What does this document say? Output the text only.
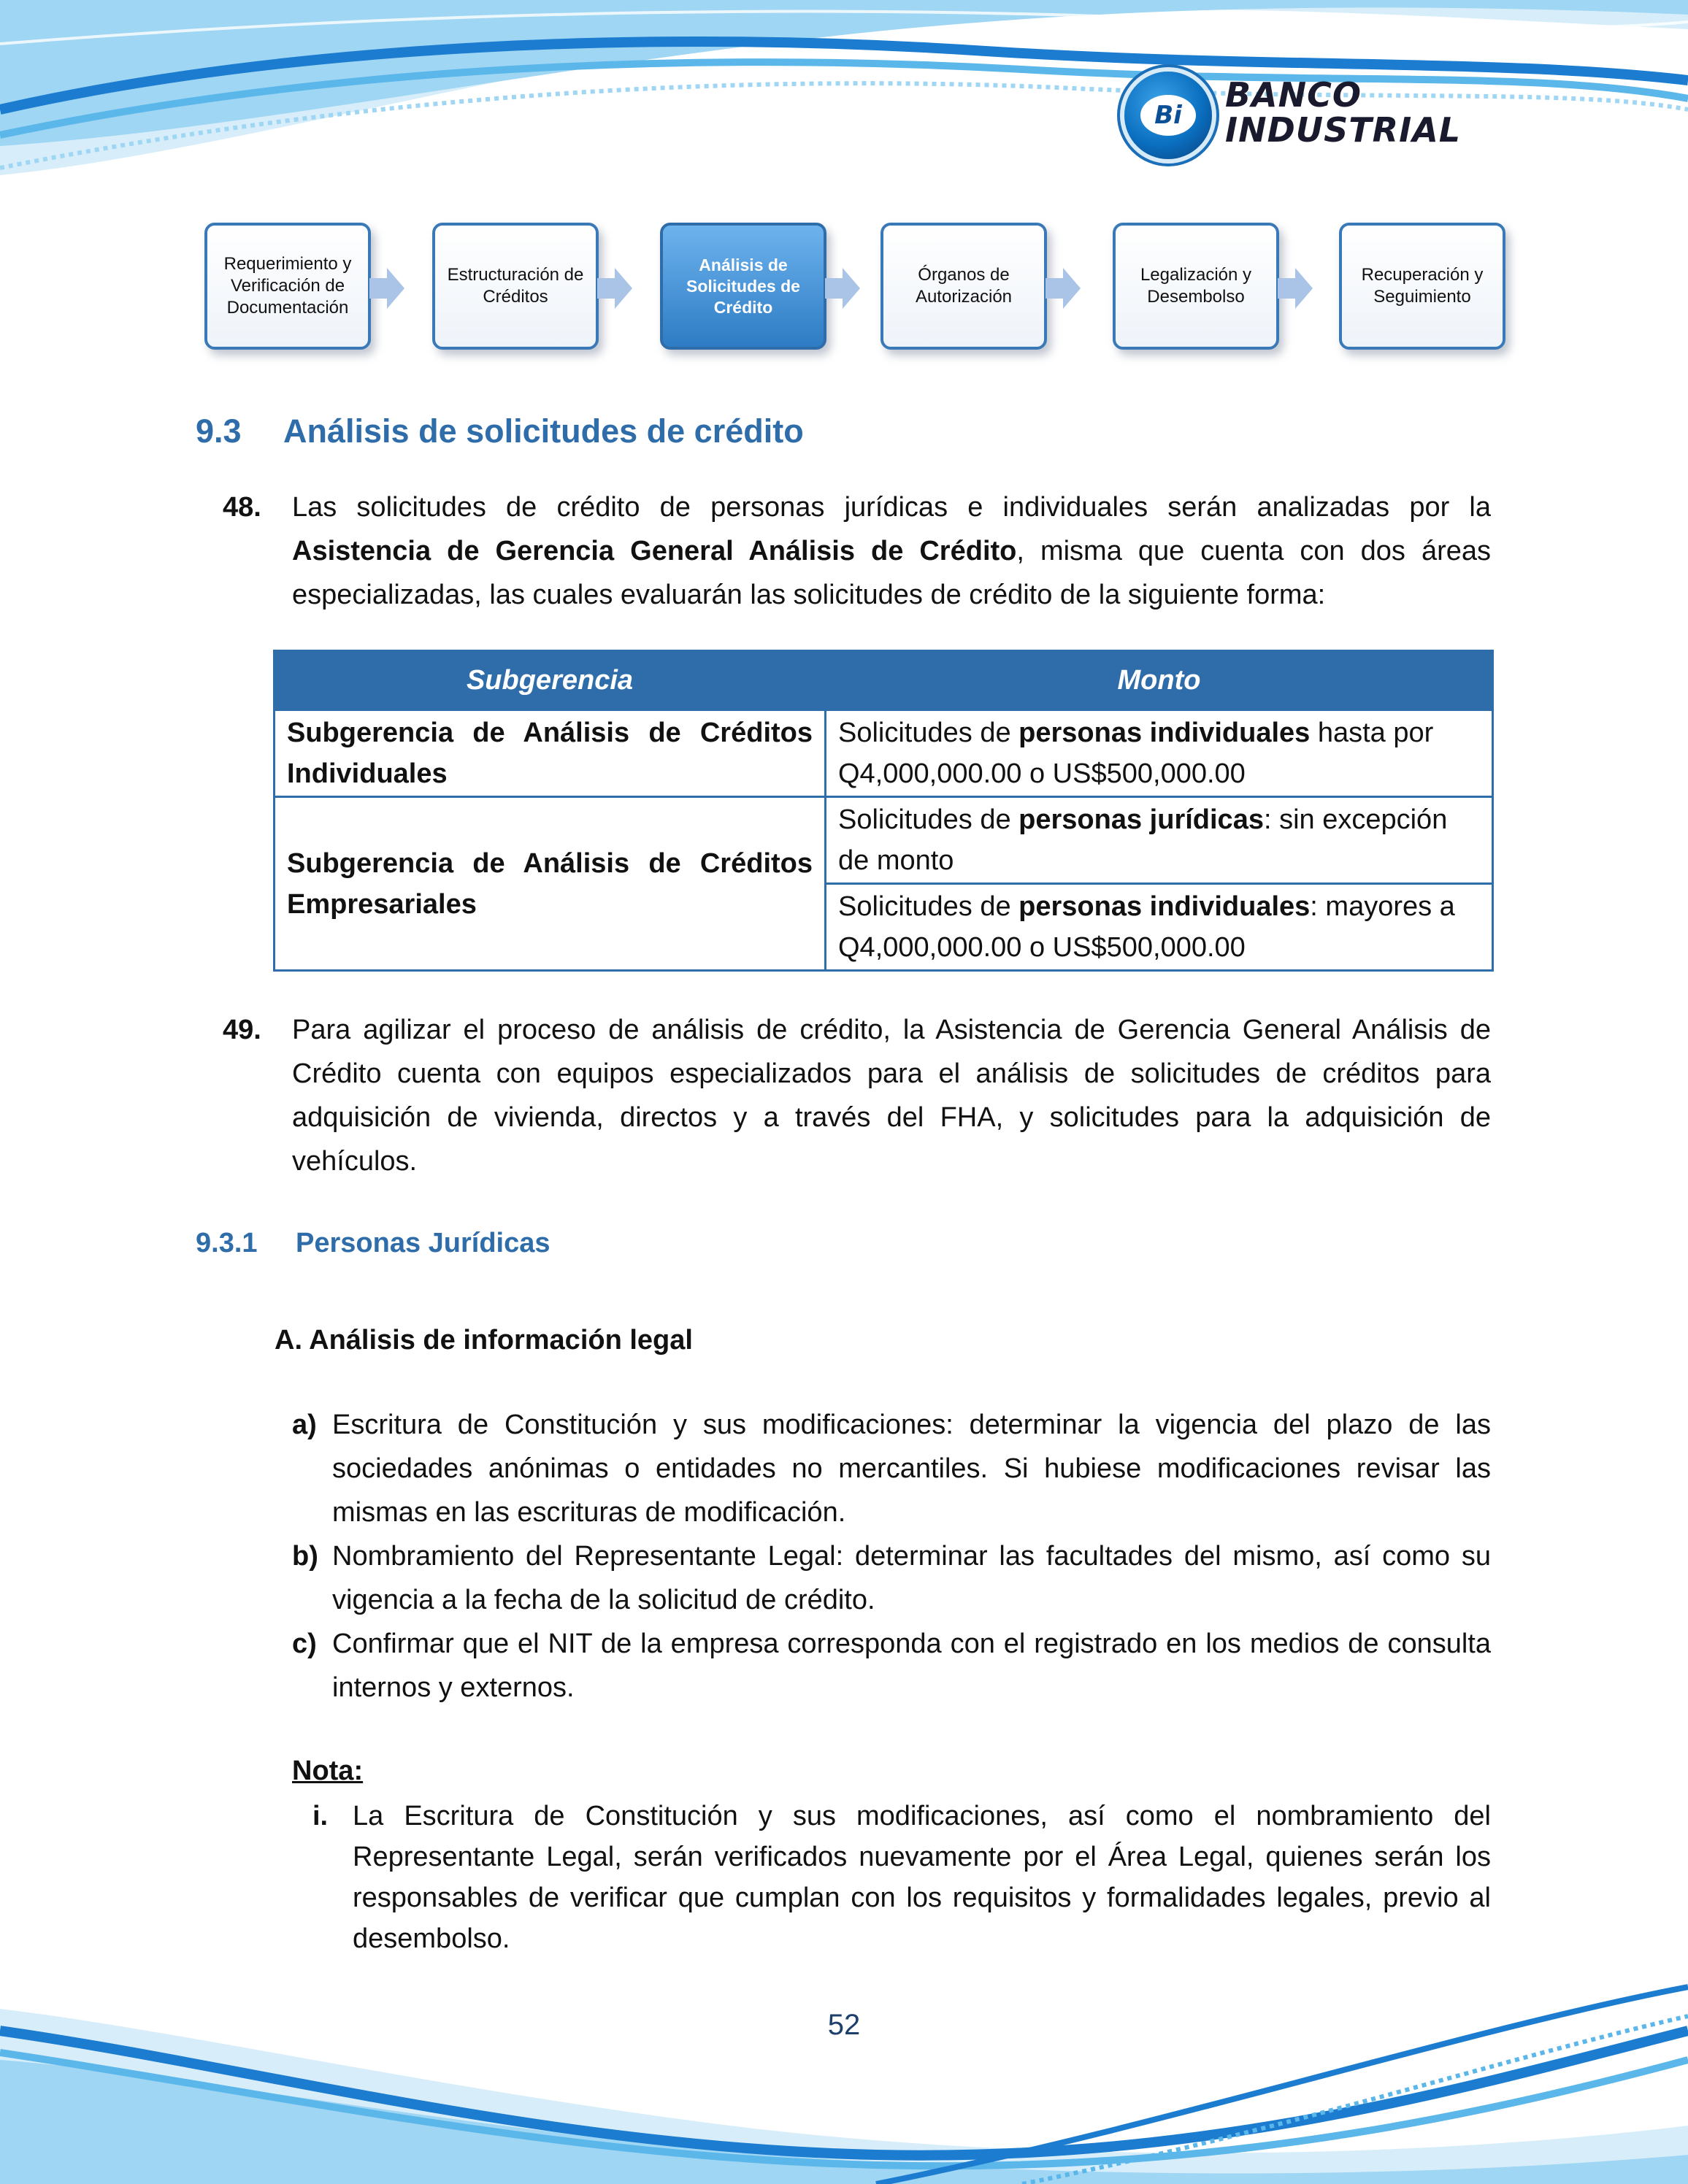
Bi
BANCO
INDUSTRIAL
Requerimiento y Verificación de Documentación
Estructuración de Créditos
Análisis de Solicitudes de Crédito
Órganos de Autorización
Legalización y Desembolso
Recuperación y Seguimiento
9.3 Análisis de solicitudes de crédito
48. Las solicitudes de crédito de personas jurídicas e individuales serán analizadas por la Asistencia de Gerencia General Análisis de Crédito, misma que cuenta con dos áreas especializadas, las cuales evaluarán las solicitudes de crédito de la siguiente forma:
Subgerencia	Monto
Subgerencia de Análisis de Créditos Individuales	Solicitudes de personas individuales hasta por Q4,000,000.00 o US$500,000.00
Subgerencia de Análisis de Créditos Empresariales	Solicitudes de personas jurídicas: sin excepción de monto
	Solicitudes de personas individuales: mayores a Q4,000,000.00 o US$500,000.00
49. Para agilizar el proceso de análisis de crédito, la Asistencia de Gerencia General Análisis de Crédito cuenta con equipos especializados para el análisis de solicitudes de créditos para adquisición de vivienda, directos y a través del FHA, y solicitudes para la adquisición de vehículos.
9.3.1 Personas Jurídicas
A. Análisis de información legal
a) Escritura de Constitución y sus modificaciones: determinar la vigencia del plazo de las sociedades anónimas o entidades no mercantiles. Si hubiese modificaciones revisar las mismas en las escrituras de modificación.
b) Nombramiento del Representante Legal: determinar las facultades del mismo, así como su vigencia a la fecha de la solicitud de crédito.
c) Confirmar que el NIT de la empresa corresponda con el registrado en los medios de consulta internos y externos.
Nota:
i. La Escritura de Constitución y sus modificaciones, así como el nombramiento del Representante Legal, serán verificados nuevamente por el Área Legal, quienes serán los responsables de verificar que cumplan con los requisitos y formalidades legales, previo al desembolso.
52
